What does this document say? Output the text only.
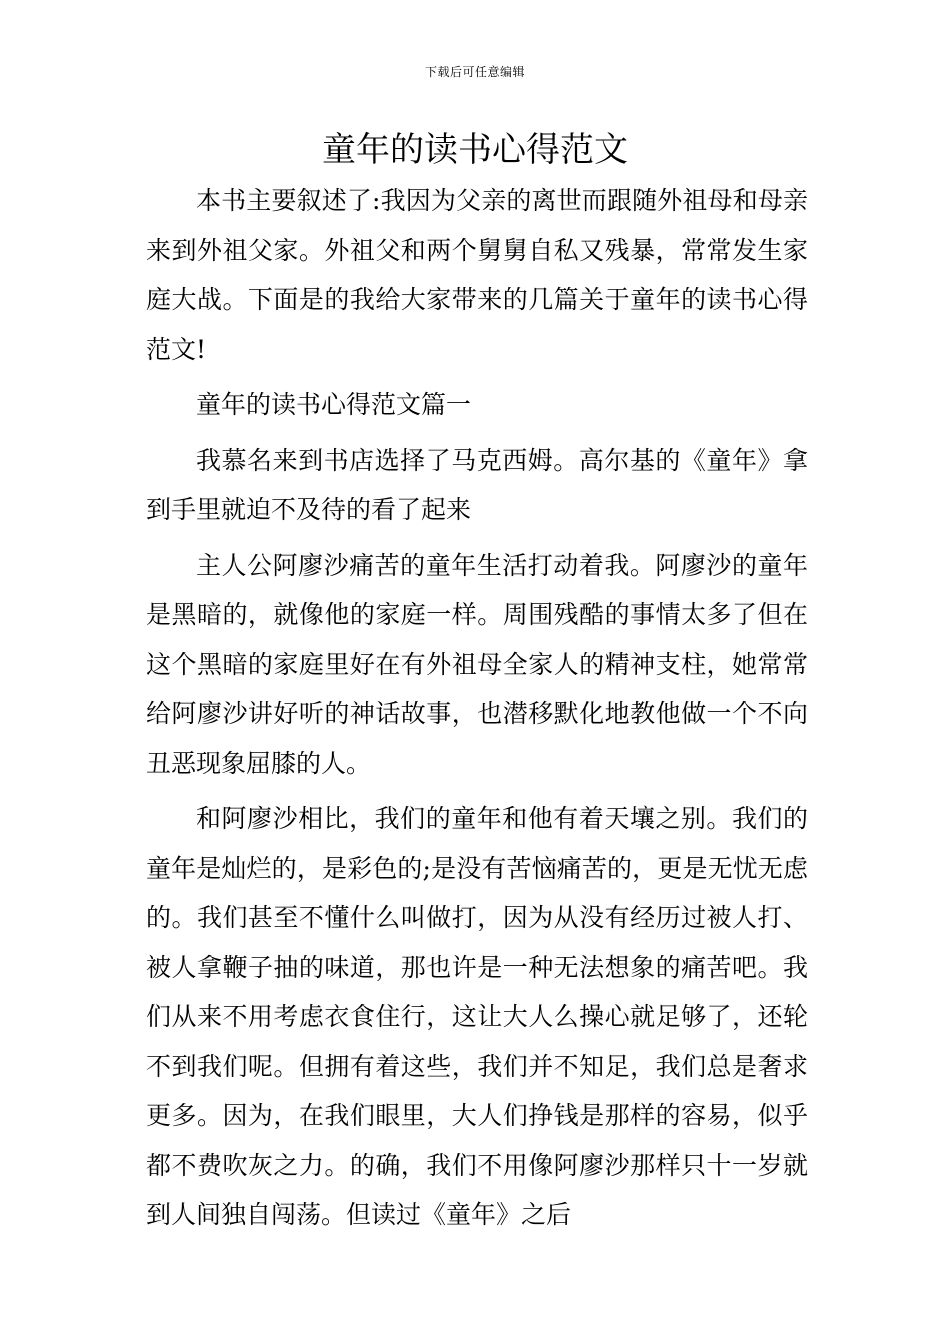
下载后可任意编辑
童年的读书心得范文

本书主要叙述了:我因为父亲的离世而跟随外祖母和母亲来到外祖父家。外祖父和两个舅舅自私又残暴，常常发生家庭大战。下面是的我给大家带来的几篇关于童年的读书心得范文!

童年的读书心得范文篇一

我慕名来到书店选择了马克西姆。高尔基的《童年》拿到手里就迫不及待的看了起来

主人公阿廖沙痛苦的童年生活打动着我。阿廖沙的童年是黑暗的，就像他的家庭一样。周围残酷的事情太多了但在这个黑暗的家庭里好在有外祖母全家人的精神支柱，她常常给阿廖沙讲好听的神话故事，也潜移默化地教他做一个不向丑恶现象屈膝的人。

和阿廖沙相比，我们的童年和他有着天壤之别。我们的童年是灿烂的，是彩色的;是没有苦恼痛苦的，更是无忧无虑的。我们甚至不懂什么叫做打，因为从没有经历过被人打、被人拿鞭子抽的味道，那也许是一种无法想象的痛苦吧。我们从来不用考虑衣食住行，这让大人么操心就足够了，还轮不到我们呢。但拥有着这些，我们并不知足，我们总是奢求更多。因为，在我们眼里，大人们挣钱是那样的容易，似乎都不费吹灰之力。的确，我们不用像阿廖沙那样只十一岁就到人间独自闯荡。但读过《童年》之后
